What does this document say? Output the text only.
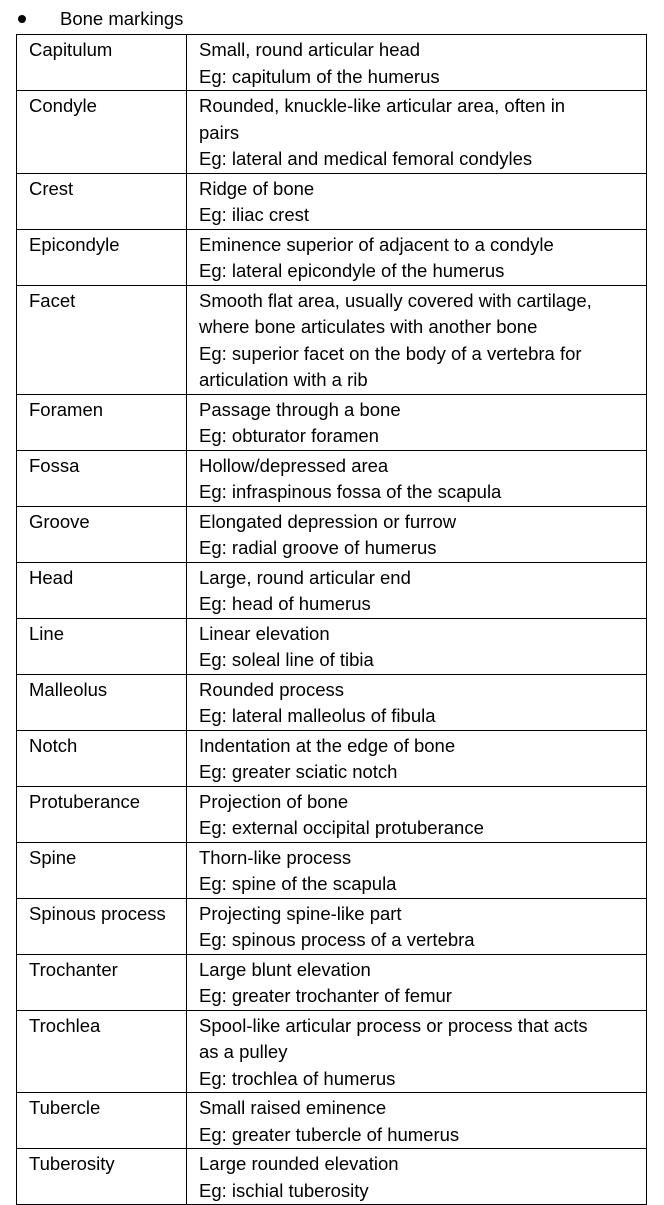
Bone markings
Capitulum	Small, round articular head
Eg: capitulum of the humerus

Condyle	Rounded, knuckle-like articular area, often in
pairs
Eg: lateral and medical femoral condyles

Crest	Ridge of bone
Eg: iliac crest

Epicondyle	Eminence superior of adjacent to a condyle
Eg: lateral epicondyle of the humerus

Facet	Smooth flat area, usually covered with cartilage,
where bone articulates with another bone
Eg: superior facet on the body of a vertebra for articulation with a rib

Foramen	Passage through a bone
Eg: obturator foramen

Fossa	Hollow/depressed area
Eg: infraspinous fossa of the scapula

Groove	Elongated depression or furrow
Eg: radial groove of humerus

Head	Large, round articular end
Eg: head of humerus

Line	Linear elevation
Eg: soleal line of tibia

Malleolus	Rounded process
Eg: lateral malleolus of fibula

Notch	Indentation at the edge of bone
Eg: greater sciatic notch

Protuberance	Projection of bone
Eg: external occipital protuberance

Spine	Thorn-like process
Eg: spine of the scapula

Spinous process	Projecting spine-like part
Eg: spinous process of a vertebra

Trochanter	Large blunt elevation
Eg: greater trochanter of femur

Trochlea	Spool-like articular process or process that acts
as a pulley
Eg: trochlea of humerus

Tubercle	Small raised eminence
Eg: greater tubercle of humerus

Tuberosity	Large rounded elevation
Eg: ischial tuberosity
